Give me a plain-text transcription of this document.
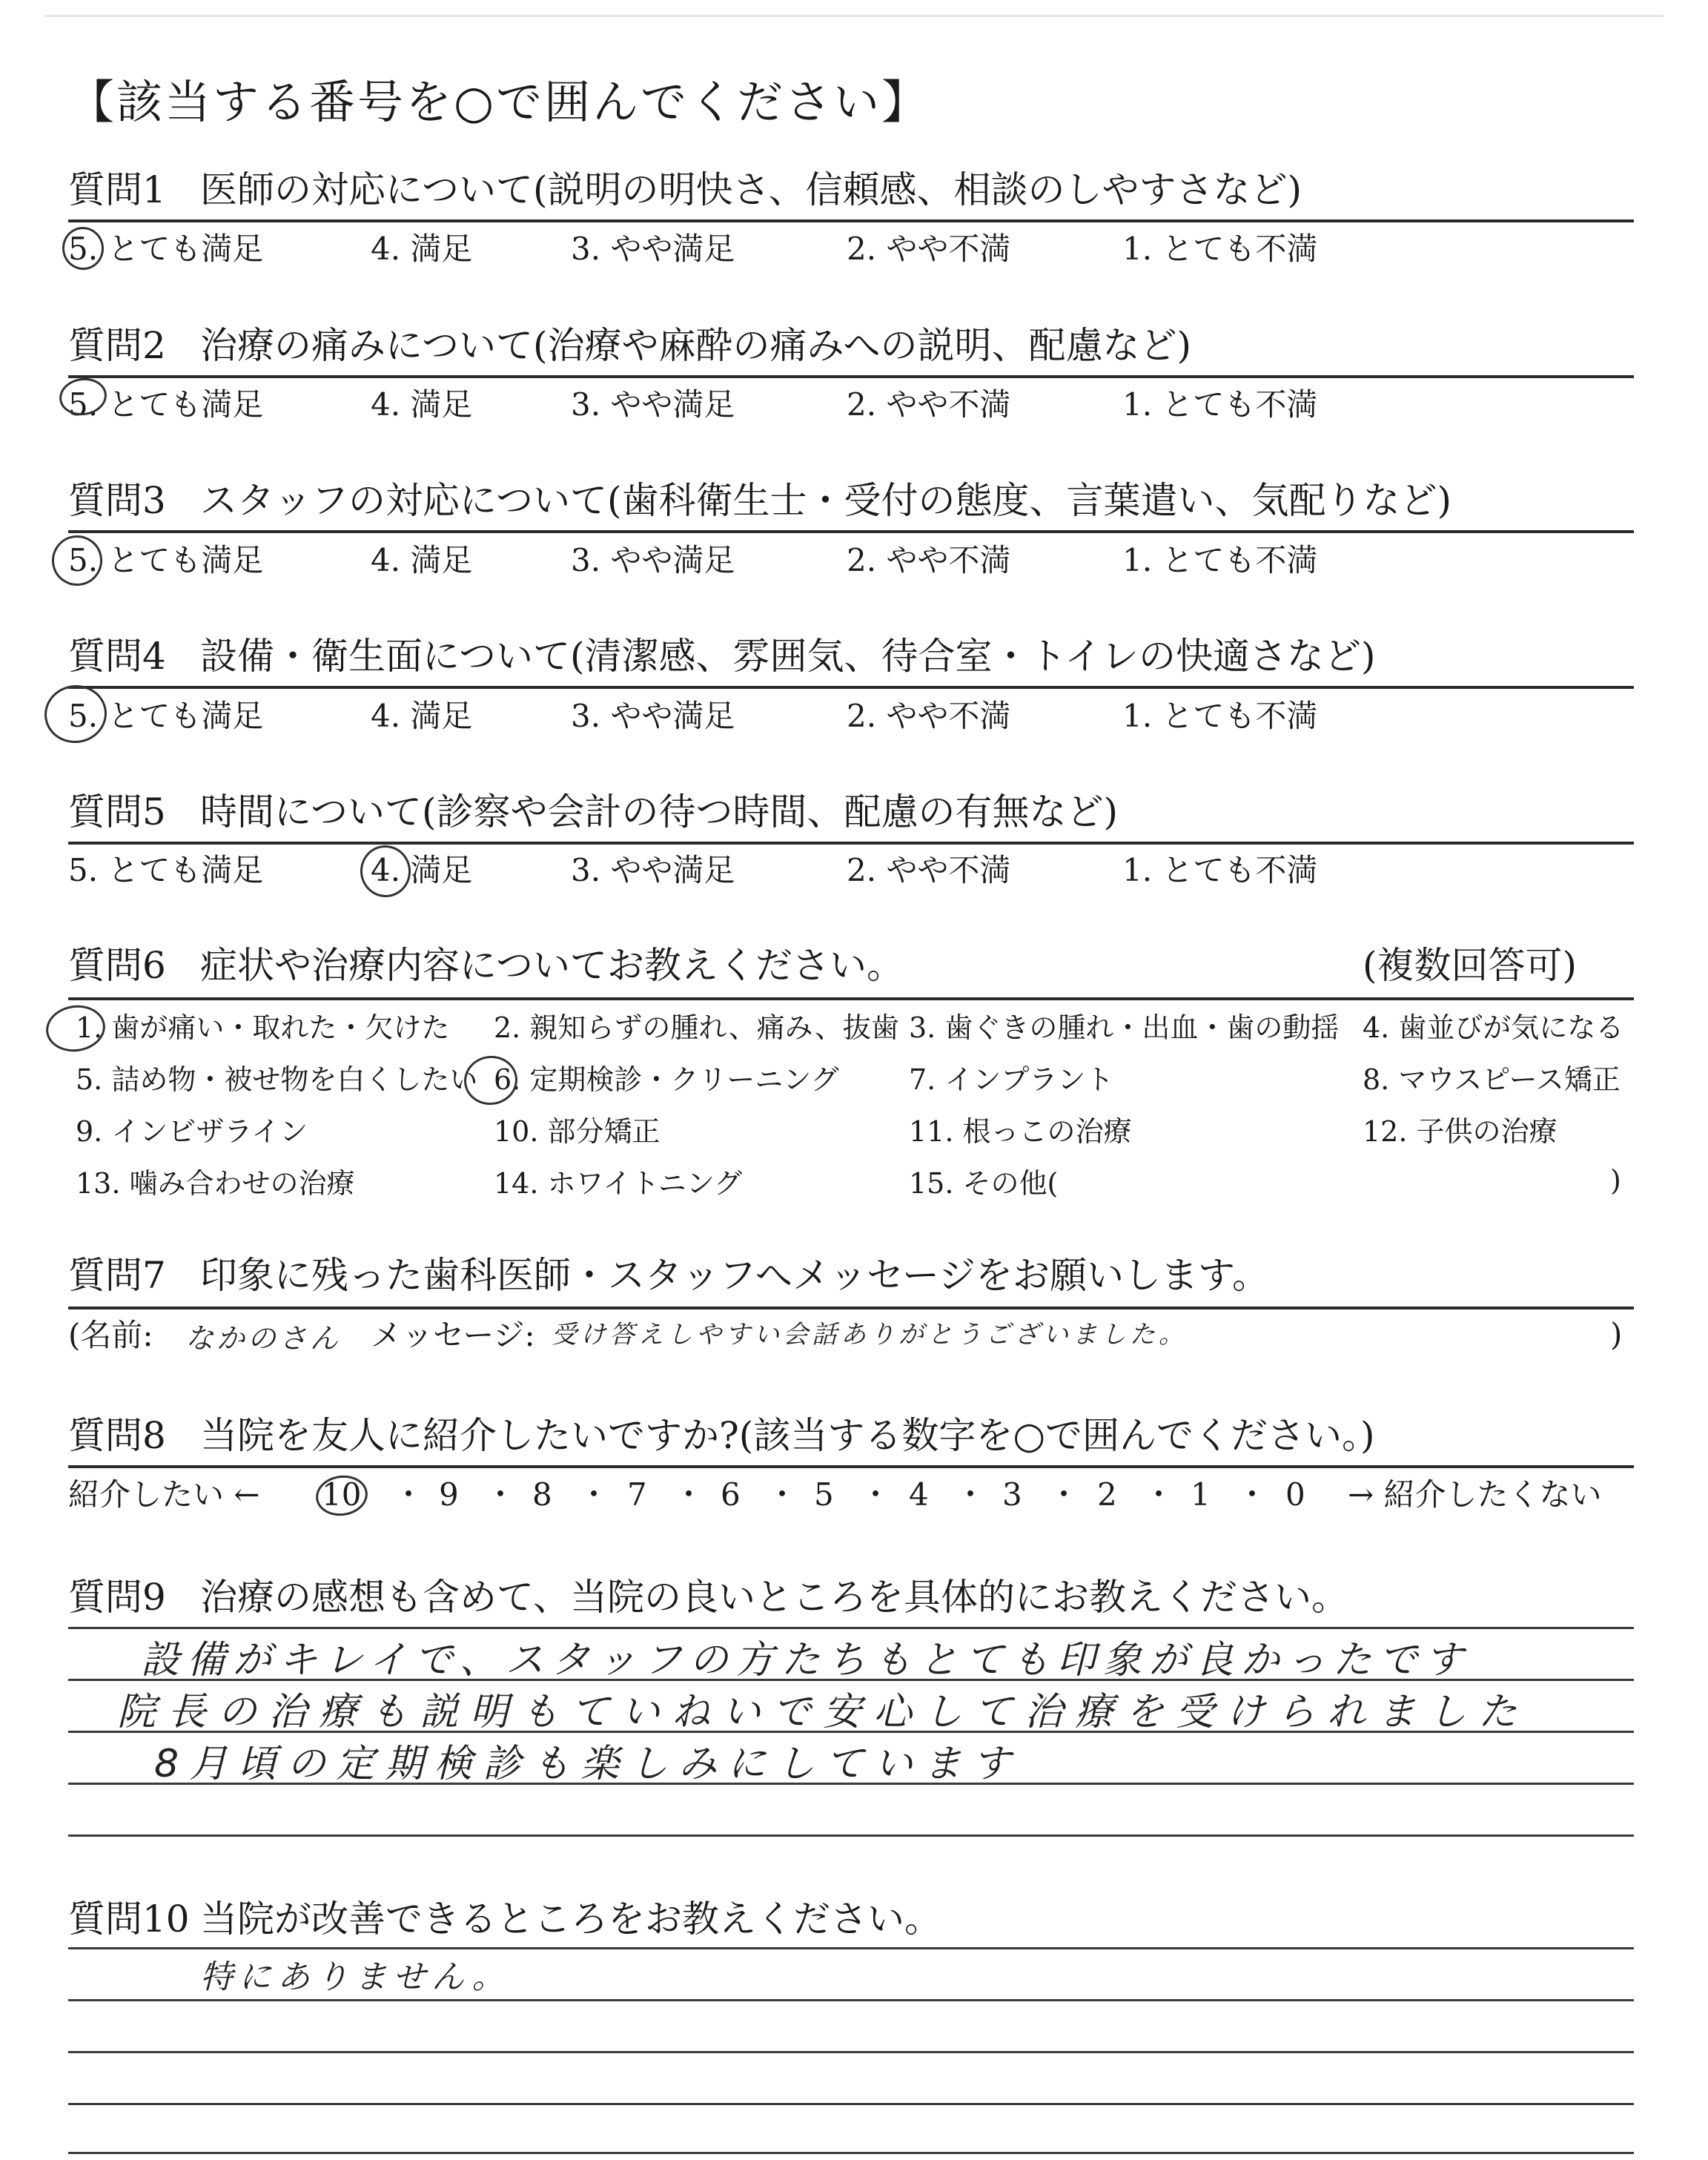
【該当する番号を○で囲んでください】
質問1 医師の対応について(説明の明快さ、信頼感、相談のしやすさなど)
5. とても満足	4. 満足	3. やや満足	2. やや不満	1. とても不満
質問2 治療の痛みについて(治療や麻酔の痛みへの説明、配慮など)
5. とても満足	4. 満足	3. やや満足	2. やや不満	1. とても不満
質問3 スタッフの対応について(歯科衛生士・受付の態度、言葉遣い、気配りなど)
5. とても満足	4. 満足	3. やや満足	2. やや不満	1. とても不満
質問4 設備・衛生面について(清潔感、雰囲気、待合室・トイレの快適さなど)
5. とても満足	4. 満足	3. やや満足	2. やや不満	1. とても不満
質問5 時間について(診察や会計の待つ時間、配慮の有無など)
5. とても満足	4. 満足	3. やや満足	2. やや不満	1. とても不満
質問6 症状や治療内容についてお教えください。	(複数回答可)
1. 歯が痛い・取れた・欠けた 2. 親知らずの腫れ、痛み、抜歯 3. 歯ぐきの腫れ・出血・歯の動揺 4. 歯並びが気になる
5. 詰め物・被せ物を白くしたい 6. 定期検診・クリーニング 7. インプラント	8. マウスピース矯正
9. インビザライン	10. 部分矯正	11. 根っこの治療	12. 子供の治療
13. 噛み合わせの治療	14. ホワイトニング	15. その他(	)
質問7 印象に残った歯科医師・スタッフへメッセージをお願いします。
(名前: なかのさん メッセージ: 受け答えしやすい会話ありがとうございました。	)
質問8 当院を友人に紹介したいですか?(該当する数字を○で囲んでください。)
紹介したい ← 10 ・ 9 ・ 8 ・ 7 ・ 6 ・ 5 ・ 4 ・ 3 ・ 2 ・ 1 ・ 0 → 紹介したくない
質問9 治療の感想も含めて、当院の良いところを具体的にお教えください。
設備がキレイで、スタッフの方たちもとても印象が良かったです
院長の治療も説明もていねいで安心して治療を受けられました
8月頃の定期検診も楽しみにしています
質問10 当院が改善できるところをお教えください。
特にありません。
